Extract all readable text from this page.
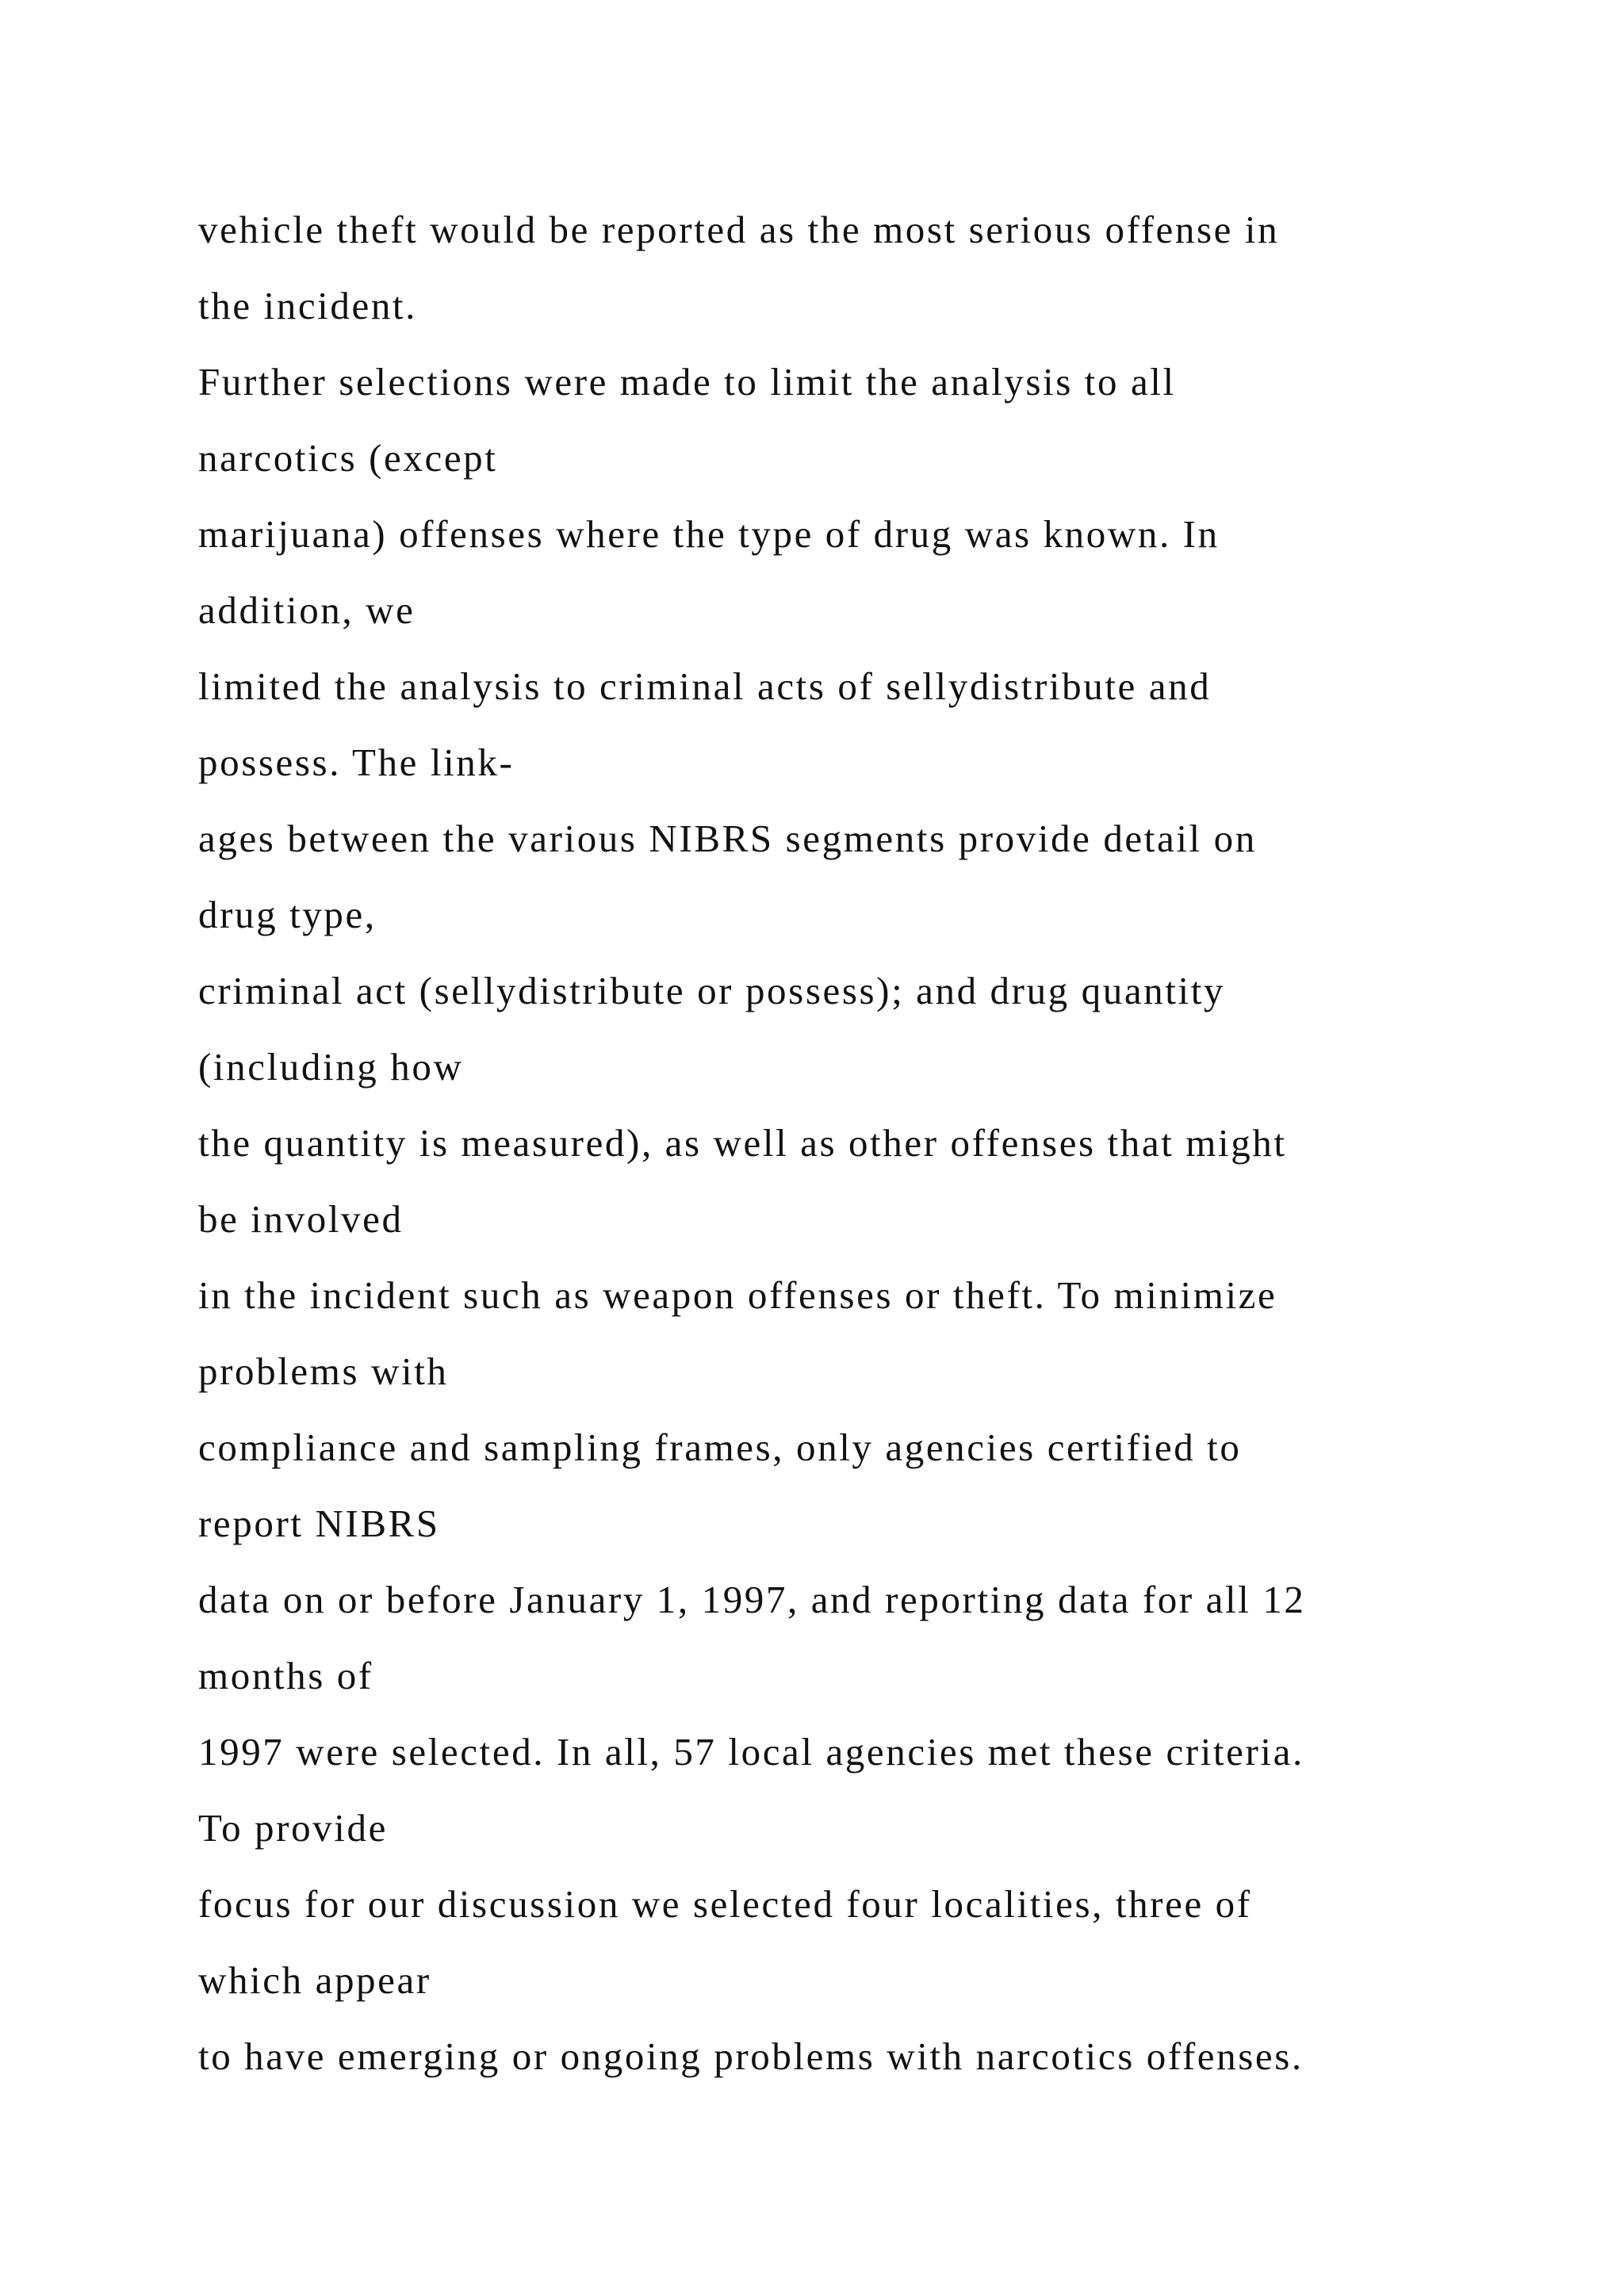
vehicle theft would be reported as the most serious offense in

the incident.

Further selections were made to limit the analysis to all

narcotics (except

marijuana) offenses where the type of drug was known. In

addition, we

limited the analysis to criminal acts of sellydistribute and

possess. The link-

ages between the various NIBRS segments provide detail on

drug type,

criminal act (sellydistribute or possess); and drug quantity

(including how

the quantity is measured), as well as other offenses that might

be involved

in the incident such as weapon offenses or theft. To minimize

problems with

compliance and sampling frames, only agencies certified to

report NIBRS

data on or before January 1, 1997, and reporting data for all 12

months of

1997 were selected. In all, 57 local agencies met these criteria.

To provide

focus for our discussion we selected four localities, three of

which appear

to have emerging or ongoing problems with narcotics offenses.
